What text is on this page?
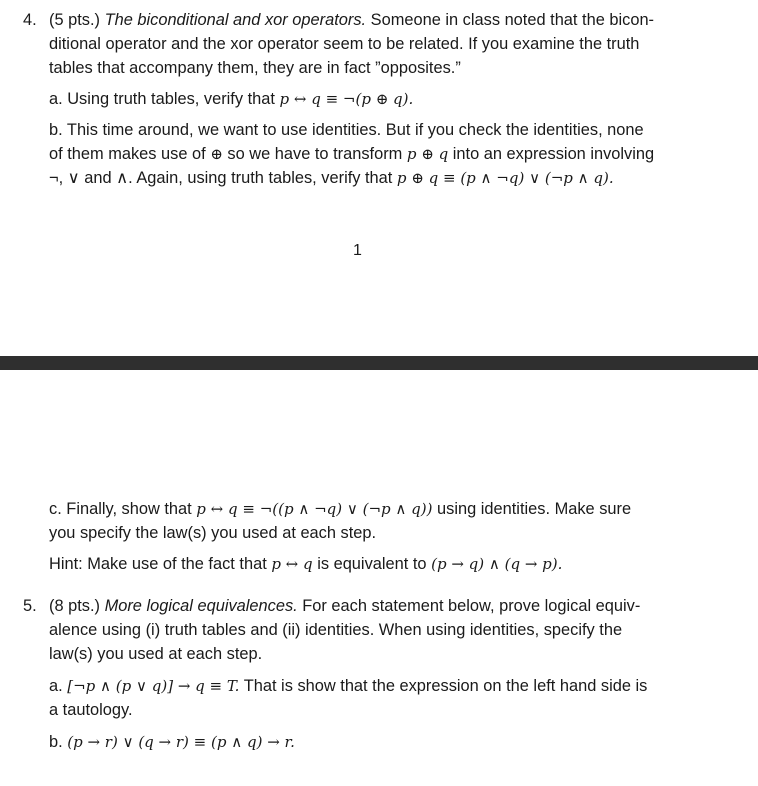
4. (5 pts.) The biconditional and xor operators. Someone in class noted that the bicon-
ditional operator and the xor operator seem to be related. If you examine the truth
tables that accompany them, they are in fact ”opposites.”
a. Using truth tables, verify that p ↔ q ≡ ¬(p ⊕ q).
b. This time around, we want to use identities. But if you check the identities, none
of them makes use of ⊕ so we have to transform p ⊕ q into an expression involving
¬, ∨ and ∧. Again, using truth tables, verify that p ⊕ q ≡ (p ∧ ¬q) ∨ (¬p ∧ q).
1
c. Finally, show that p ↔ q ≡ ¬((p ∧ ¬q) ∨ (¬p ∧ q)) using identities. Make sure
you specify the law(s) you used at each step.
Hint: Make use of the fact that p ↔ q is equivalent to (p → q) ∧ (q → p).
5. (8 pts.) More logical equivalences. For each statement below, prove logical equiv-
alence using (i) truth tables and (ii) identities. When using identities, specify the
law(s) you used at each step.
a. [¬p ∧ (p ∨ q)] → q ≡ T. That is show that the expression on the left hand side is
a tautology.
b. (p → r) ∨ (q → r) ≡ (p ∧ q) → r.
